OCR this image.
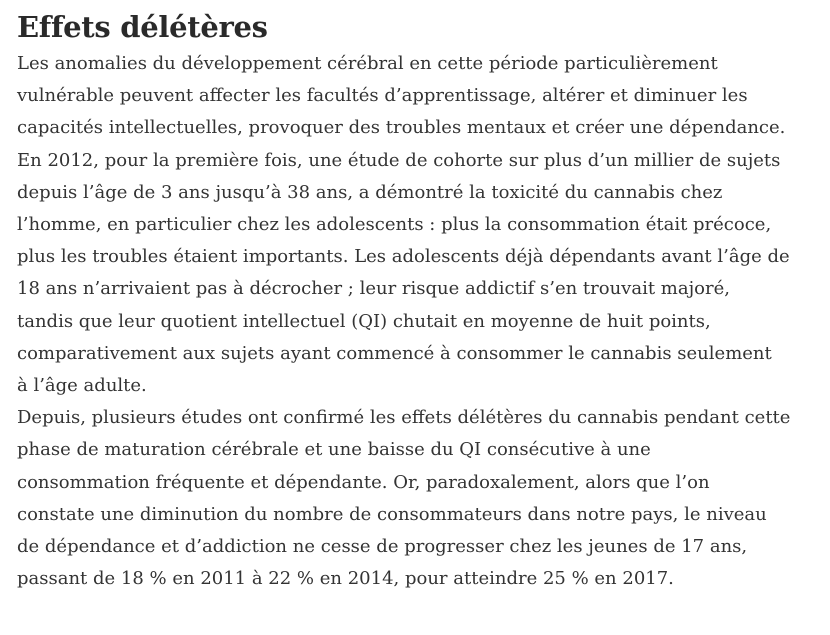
Effets délétères

Les anomalies du développement cérébral en cette période particulièrement
vulnérable peuvent affecter les facultés d’apprentissage, altérer et diminuer les
capacités intellectuelles, provoquer des troubles mentaux et créer une dépendance.
En 2012, pour la première fois, une étude de cohorte sur plus d’un millier de sujets
depuis l’âge de 3 ans jusqu’à 38 ans, a démontré la toxicité du cannabis chez
l’homme, en particulier chez les adolescents : plus la consommation était précoce,
plus les troubles étaient importants. Les adolescents déjà dépendants avant l’âge de
18 ans n’arrivaient pas à décrocher ; leur risque addictif s’en trouvait majoré,
tandis que leur quotient intellectuel (QI) chutait en moyenne de huit points,
comparativement aux sujets ayant commencé à consommer le cannabis seulement
à l’âge adulte.

Depuis, plusieurs études ont confirmé les effets délétères du cannabis pendant cette
phase de maturation cérébrale et une baisse du QI consécutive à une
consommation fréquente et dépendante. Or, paradoxalement, alors que l’on
constate une diminution du nombre de consommateurs dans notre pays, le niveau
de dépendance et d’addiction ne cesse de progresser chez les jeunes de 17 ans,
passant de 18 % en 2011 à 22 % en 2014, pour atteindre 25 % en 2017.
